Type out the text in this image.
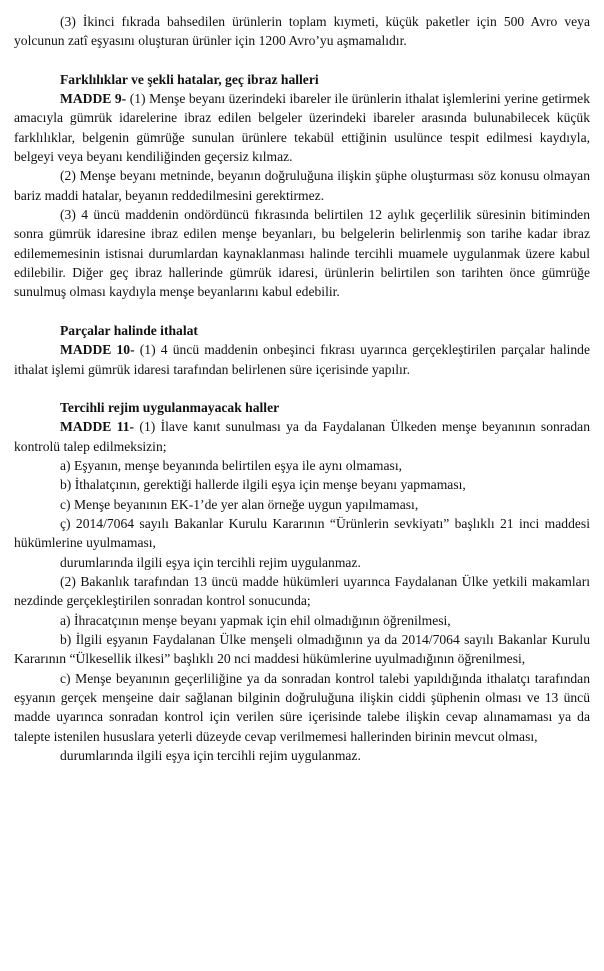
(3) İkinci fıkrada bahsedilen ürünlerin toplam kıymeti, küçük paketler için 500 Avro veya yolcunun zatî eşyasını oluşturan ürünler için 1200 Avro’yu aşmamalıdır.

Farklılıklar ve şekli hatalar, geç ibraz halleri

MADDE 9- (1) Menşe beyanı üzerindeki ibareler ile ürünlerin ithalat işlemlerini yerine getirmek amacıyla gümrük idarelerine ibraz edilen belgeler üzerindeki ibareler arasında bulunabilecek küçük farklılıklar, belgenin gümrüğe sunulan ürünlere tekabül ettiğinin usulünce tespit edilmesi kaydıyla, belgeyi veya beyanı kendiliğinden geçersiz kılmaz.

(2) Menşe beyanı metninde, beyanın doğruluğuna ilişkin şüphe oluşturması söz konusu olmayan bariz maddi hatalar, beyanın reddedilmesini gerektirmez.

(3) 4 üncü maddenin ondördüncü fıkrasında belirtilen 12 aylık geçerlilik süresinin bitiminden sonra gümrük idaresine ibraz edilen menşe beyanları, bu belgelerin belirlenmiş son tarihe kadar ibraz edilememesinin istisnai durumlardan kaynaklanması halinde tercihli muamele uygulanmak üzere kabul edilebilir. Diğer geç ibraz hallerinde gümrük idaresi, ürünlerin belirtilen son tarihten önce gümrüğe sunulmuş olması kaydıyla menşe beyanlarını kabul edebilir.

Parçalar halinde ithalat

MADDE 10- (1) 4 üncü maddenin onbeşinci fıkrası uyarınca gerçekleştirilen parçalar halinde ithalat işlemi gümrük idaresi tarafından belirlenen süre içerisinde yapılır.

Tercihli rejim uygulanmayacak haller

MADDE 11- (1) İlave kanıt sunulması ya da Faydalanan Ülkeden menşe beyanının sonradan kontrolü talep edilmeksizin;

a) Eşyanın, menşe beyanında belirtilen eşya ile aynı olmaması,

b) İthalatçının, gerektiği hallerde ilgili eşya için menşe beyanı yapmaması,

c) Menşe beyanının EK-1’de yer alan örneğe uygun yapılmaması,

ç) 2014/7064 sayılı Bakanlar Kurulu Kararının “Ürünlerin sevkiyatı” başlıklı 21 inci maddesi hükümlerine uyulmaması,

durumlarında ilgili eşya için tercihli rejim uygulanmaz.

(2) Bakanlık tarafından 13 üncü madde hükümleri uyarınca Faydalanan Ülke yetkili makamları nezdinde gerçekleştirilen sonradan kontrol sonucunda;

a) İhracatçının menşe beyanı yapmak için ehil olmadığının öğrenilmesi,

b) İlgili eşyanın Faydalanan Ülke menşeli olmadığının ya da 2014/7064 sayılı Bakanlar Kurulu Kararının “Ülkesellik ilkesi” başlıklı 20 nci maddesi hükümlerine uyulmadığının öğrenilmesi,

c) Menşe beyanının geçerliliğine ya da sonradan kontrol talebi yapıldığında ithalatçı tarafından eşyanın gerçek menşeine dair sağlanan bilginin doğruluğuna ilişkin ciddi şüphenin olması ve 13 üncü madde uyarınca sonradan kontrol için verilen süre içerisinde talebe ilişkin cevap alınamaması ya da talepte istenilen hususlara yeterli düzeyde cevap verilmemesi hallerinden birinin mevcut olması,

durumlarında ilgili eşya için tercihli rejim uygulanmaz.
